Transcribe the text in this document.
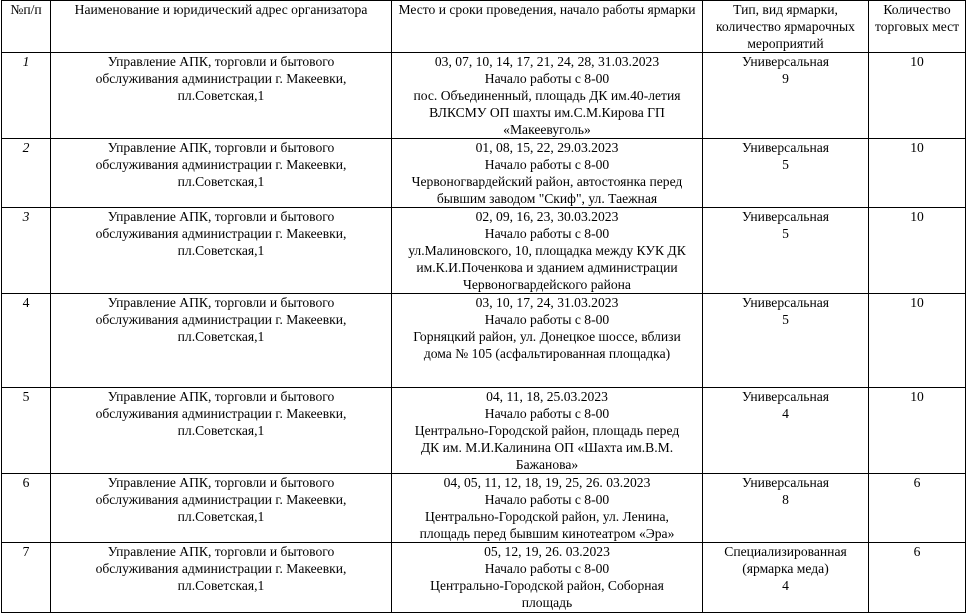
№п/п	Наименование и юридический адрес организатора	Место и сроки проведения, начало работы ярмарки	Тип, вид ярмарки, количество ярмарочных мероприятий	Количество торговых мест

1	Управление АПК, торговли и бытового
обслуживания администрации г. Макеевки,
пл.Советская,1	03, 07, 10, 14, 17, 21, 24, 28, 31.03.2023
Начало работы с 8-00
пос. Объединенный, площадь ДК им.40-летия
ВЛКСМУ ОП шахты им.С.М.Кирова ГП
«Макеевуголь»	Универсальная
9	10
2	Управление АПК, торговли и бытового
обслуживания администрации г. Макеевки,
пл.Советская,1	01, 08, 15, 22, 29.03.2023
Начало работы с 8-00
Червоногвардейский район, автостоянка перед
бывшим заводом "Скиф", ул. Таежная	Универсальная
5	10
3	Управление АПК, торговли и бытового
обслуживания администрации г. Макеевки,
пл.Советская,1	02, 09, 16, 23, 30.03.2023
Начало работы с 8-00
ул.Малиновского, 10, площадка между КУК ДК
им.К.И.Поченкова и зданием администрации
Червоногвардейского района	Универсальная
5	10
4	Управление АПК, торговли и бытового
обслуживания администрации г. Макеевки,
пл.Советская,1	03, 10, 17, 24, 31.03.2023
Начало работы с 8-00
Горняцкий район, ул. Донецкое шоссе, вблизи
дома № 105 (асфальтированная площадка)	Универсальная
5	10
5	Управление АПК, торговли и бытового
обслуживания администрации г. Макеевки,
пл.Советская,1	04, 11, 18, 25.03.2023
Начало работы с 8-00
Центрально-Городской район, площадь перед
ДК им. М.И.Калинина ОП «Шахта им.В.М.
Бажанова»	Универсальная
4	10
6	Управление АПК, торговли и бытового
обслуживания администрации г. Макеевки,
пл.Советская,1	04, 05, 11, 12, 18, 19, 25, 26. 03.2023
Начало работы с 8-00
Центрально-Городской район, ул. Ленина,
площадь перед бывшим кинотеатром «Эра»	Универсальная
8	6
7	Управление АПК, торговли и бытового
обслуживания администрации г. Макеевки,
пл.Советская,1	05, 12, 19, 26. 03.2023
Начало работы с 8-00
Центрально-Городской район, Соборная
площадь	Специализированная
(ярмарка меда)
4	6
